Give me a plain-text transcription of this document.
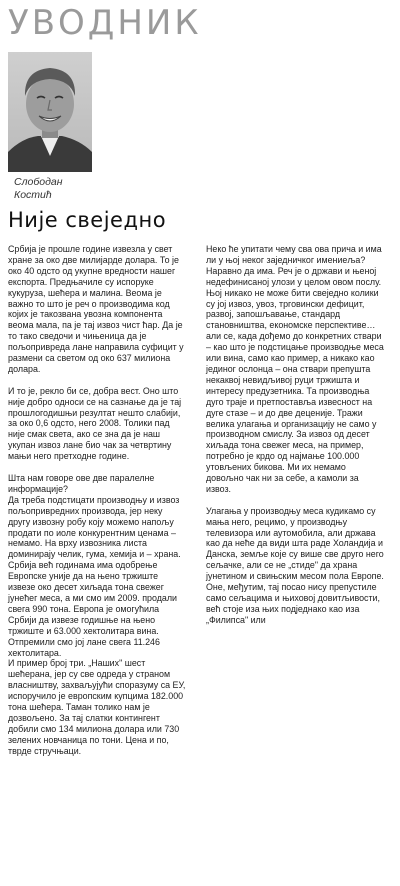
УВОДНИК
Слободан
Костић
Није свеједно

Србија је прошле године извезла у свет хране за око две милијарде долара. То је око 40 одсто од укупне вредности нашег експорта. Предњачиле су испоруке кукуруза, шећера и малина. Веома је важно то што је реч о производима код којих је такозвана увозна компонента веома мала, па је тај извоз чист ћар. Да је то тако сведочи и чињеница да је пољопривреда лане направила суфицит у размени са светом од око 637 милиона долара.

И то је, рекло би се, добра вест. Оно што није добро односи се на сазнање да је тај прошлогодишњи резултат нешто слабији, за око 0,6 одсто, него 2008. Толики пад није смак света, ако се зна да је наш укупан извоз лане био чак за четвртину мањи него претходне године.

Шта нам говоре ове две паралелне информације?

Да треба подстицати производњу и извоз пољопривредних производа, јер неку другу извозну робу коју можемо напољу продати по иоле конкурентним ценама – немамо. На врху извозника листа доминирају челик, гума, хемија и – храна. Србија већ годинама има одобрење Европске уније да на њено тржиште извезе око десет хиљада тона свежег јунећег меса, а ми смо им 2009. продали свега 990 тона. Европа је омогућила Србији да извезе годишње на њено тржиште и 63.000 хектолитара вина. Отпремили смо јој лане свега 11.246 хектолитара.

И пример број три. „Наших" шест шећерана, јер су све одреда у страном власништву, захваљујући споразуму са ЕУ, испоручило је европским купцима 182.000 тона шећера. Таман толико нам је дозвољено. За тај слатки контингент добили смо 134 милиона долара или 730 зелених новчаница по тони. Цена и по, тврде стручњаци.

Неко ће упитати чему сва ова прича и има ли у њој неког заједничког имениеља? Наравно да има. Реч је о држави и њеној недефинисаној улози у целом овом послу.

Њој никако не може бити свеједно колики су јој извоз, увоз, трговински дефицит, развој, запошљавање, стандард становништва, економске перспективе… али се, када дођемо до конкретних ствари – као што је подстицање производње меса или вина, само као пример, а никако као јединог ослонца – она ствари препушта некаквој невидљивој руци тржишта и интересу предузетника. Та производња дуго траје и претпоставља извесност на дуге стазе – и до две деценије. Тражи велика улагања и организацију не само у производном смислу. За извоз од десет хиљада тона свежег меса, на пример, потребно је крдо од најмање 100.000 утовљених бикова. Ми их немамо довољно чак ни за себе, а камоли за извоз.

Улагања у производњу меса кудикамо су мања него, рецимо, у производњу телевизора или аутомобила, али држава као да неће да види шта раде Холандија и Данска, земље које су више све друго него сељачке, али се не „стиде" да храна јунетином и свињским месом пола Европе. Оне, међутим, тај посао нису препустиле само сељацима и њиховој довитљивости, већ стоје иза њих подједнако као иза „Филипса" или
